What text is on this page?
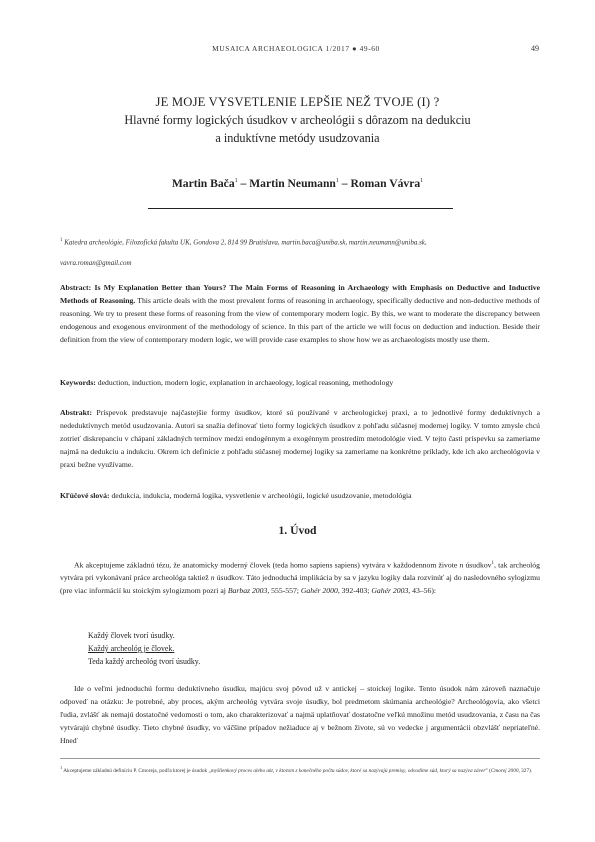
MUSAICA ARCHAEOLOGICA 1/2017 ● 49-60	49
JE MOJE VYSVETLENIE LEPŠIE NEŽ TVOJE (I) ?

Hlavné formy logických úsudkov v archeológii s dôrazom na dedukciu

a induktívne metódy usudzovania

Martin Bača$^1$ – Martin Neumann$^1$ – Roman Vávra$^1$
$^1$ Katedra archeológie, Filozofická fakulta UK, Gondova 2, 814 99 Bratislava, martin.baca@uniba.sk, martin.neumann@uniba.sk,
vavra.roman@gmail.com
Abstract: Is My Explanation Better than Yours? The Main Forms of Reasoning in Archaeology with Emphasis on Deductive and Inductive Methods of Reasoning. This article deals with the most prevalent forms of reasoning in archaeology, specifically deductive and non-deductive methods of reasoning. We try to present these forms of reasoning from the view of contemporary modern logic. By this, we want to moderate the discrepancy between endogenous and exogenous environment of the methodology of science. In this part of the article we will focus on deduction and induction. Beside their definition from the view of contemporary modern logic, we will provide case examples to show how we as archaeologists mostly use them.
Keywords: deduction, induction, modern logic, explanation in archaeology, logical reasoning, methodology
Abstrakt: Príspevok predstavuje najčastejšie formy úsudkov, ktoré sú používané v archeologickej praxi, a to jednotlivé formy deduktívnych a nededuktívnych metód usudzovania. Autori sa snažia definovať tieto formy logických úsudkov z pohľadu súčasnej modernej logiky. V tomto zmysle chcú zotrieť diskrepanciu v chápaní základných termínov medzi endogénnym a exogénnym prostredím metodológie vied. V tejto časti príspevku sa zameriame najmä na dedukciu a indukciu. Okrem ich definície z pohľadu súčasnej modernej logiky sa zameriame na konkrétne príklady, kde ich ako archeológovia v praxi bežne využívame.
Kľúčové slová: dedukcia, indukcia, moderná logika, vysvetlenie v archeológii, logické usudzovanie, metodológia
1. Úvod
Ak akceptujeme základnú tézu, že anatomicky moderný človek (teda homo sapiens sapiens) vytvára v každodennom živote n úsudkov$^1$, tak archeológ vytvára pri vykonávaní práce archeológa taktiež n úsudkov. Táto jednoduchá implikácia by sa v jazyku logiky dala rozvinúť aj do nasledovného sylogizmu (pre viac informácií ku stoickým sylogizmom pozri aj Barbaz 2003, 555-557; Gahér 2000, 392-403; Gahér 2003, 43–56):
Každý človek tvorí úsudky.
Každý archeológ je človek.
Teda každý archeológ tvorí úsudky.
Ide o veľmi jednoduchú formu deduktívneho úsudku, majúcu svoj pôvod už v antickej – stoickej logike. Tento úsudok nám zároveň naznačuje odpoveď na otázku: Je potrebné, aby proces, akým archeológ vytvára svoje úsudky, bol predmetom skúmania archeológie? Archeológovia, ako všetci ľudia, zvlášť ak nemajú dostatočné vedomosti o tom, ako charakterizovať a najmä uplatňovať dostatočne veľkú množinu metód usudzovania, z času na čas vytvárajú chybné úsudky. Tieto chybné úsudky, vo väčšine prípadov nežiaduce aj v bežnom živote, sú vo vedecke j argumentácii obzvlášť nepriateľné. Hneď
$^1$ Akceptujeme základnú definíciu P. Cmoreja, podľa ktorej je úsudok „myšlienkový proces alebo akt, v ktorom z konečného počtu súdov, ktoré sa nazývajú premisy, odvodíme súd, ktorý sa nazýva záver” (Cmorej 2000, 327).
